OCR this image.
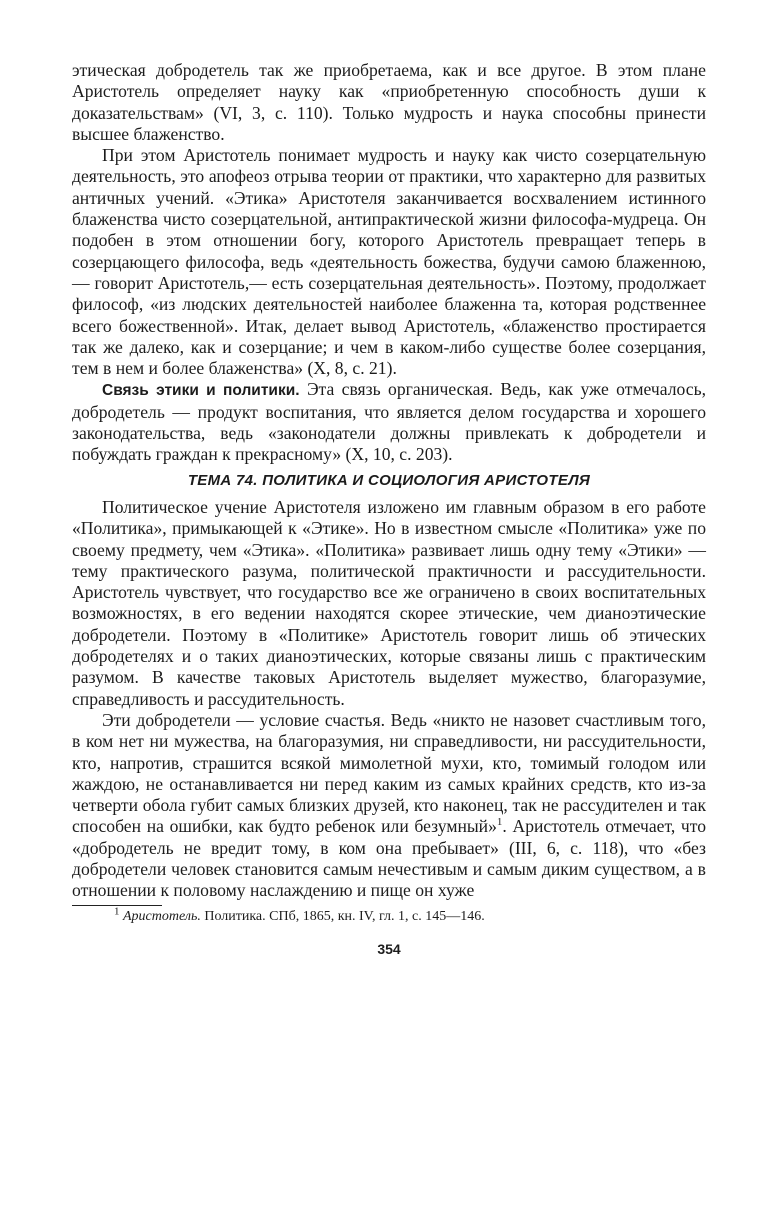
этическая добродетель так же приобретаема, как и все другое. В этом плане Аристотель определяет науку как «приобретенную способность души к доказательствам» (VI, 3, с. 110). Только мудрость и наука способны принести высшее блаженство.

При этом Аристотель понимает мудрость и науку как чисто созерцательную деятельность, это апофеоз отрыва теории от практики, что характерно для развитых античных учений. «Этика» Аристотеля заканчивается восхвалением истинного блаженства чисто созерцательной, антипрактической жизни философа-мудреца. Он подобен в этом отношении богу, которого Аристотель превращает теперь в созерцающего философа, ведь «деятельность божества, будучи самою блаженною,— говорит Аристотель,— есть созерцательная деятельность». Поэтому, продолжает философ, «из людских деятельностей наиболее блаженна та, которая родственнее всего божественной». Итак, делает вывод Аристотель, «блаженство простирается так же далеко, как и созерцание; и чем в каком-либо существе более созерцания, тем в нем и более блаженства» (X, 8, с. 21).

Связь этики и политики. Эта связь органическая. Ведь, как уже отмечалось, добродетель — продукт воспитания, что является делом государства и хорошего законодательства, ведь «законодатели должны привлекать к добродетели и побуждать граждан к прекрасному» (X, 10, с. 203).

ТЕМА 74. ПОЛИТИКА И СОЦИОЛОГИЯ АРИСТОТЕЛЯ

Политическое учение Аристотеля изложено им главным образом в его работе «Политика», примыкающей к «Этике». Но в известном смысле «Политика» уже по своему предмету, чем «Этика». «Политика» развивает лишь одну тему «Этики» — тему практического разума, политической практичности и рассудительности. Аристотель чувствует, что государство все же ограничено в своих воспитательных возможностях, в его ведении находятся скорее этические, чем дианоэтические добродетели. Поэтому в «Политике» Аристотель говорит лишь об этических добродетелях и о таких дианоэтических, которые связаны лишь с практическим разумом. В качестве таковых Аристотель выделяет мужество, благоразумие, справедливость и рассудительность.

Эти добродетели — условие счастья. Ведь «никто не назовет счастливым того, в ком нет ни мужества, на благоразумия, ни справедливости, ни рассудительности, кто, напротив, страшится всякой мимолетной мухи, кто, томимый голодом или жаждою, не останавливается ни перед каким из самых крайних средств, кто из-за четверти обола губит самых близких друзей, кто наконец, так не рассудителен и так способен на ошибки, как будто ребенок или безумный»$^1$. Аристотель отмечает, что «добродетель не вредит тому, в ком она пребывает» (III, 6, с. 118), что «без добродетели человек становится самым нечестивым и самым диким существом, а в отношении к половому наслаждению и пище он хуже

$^1$ Аристотель. Политика. СПб, 1865, кн. IV, гл. 1, с. 145—146.
354
